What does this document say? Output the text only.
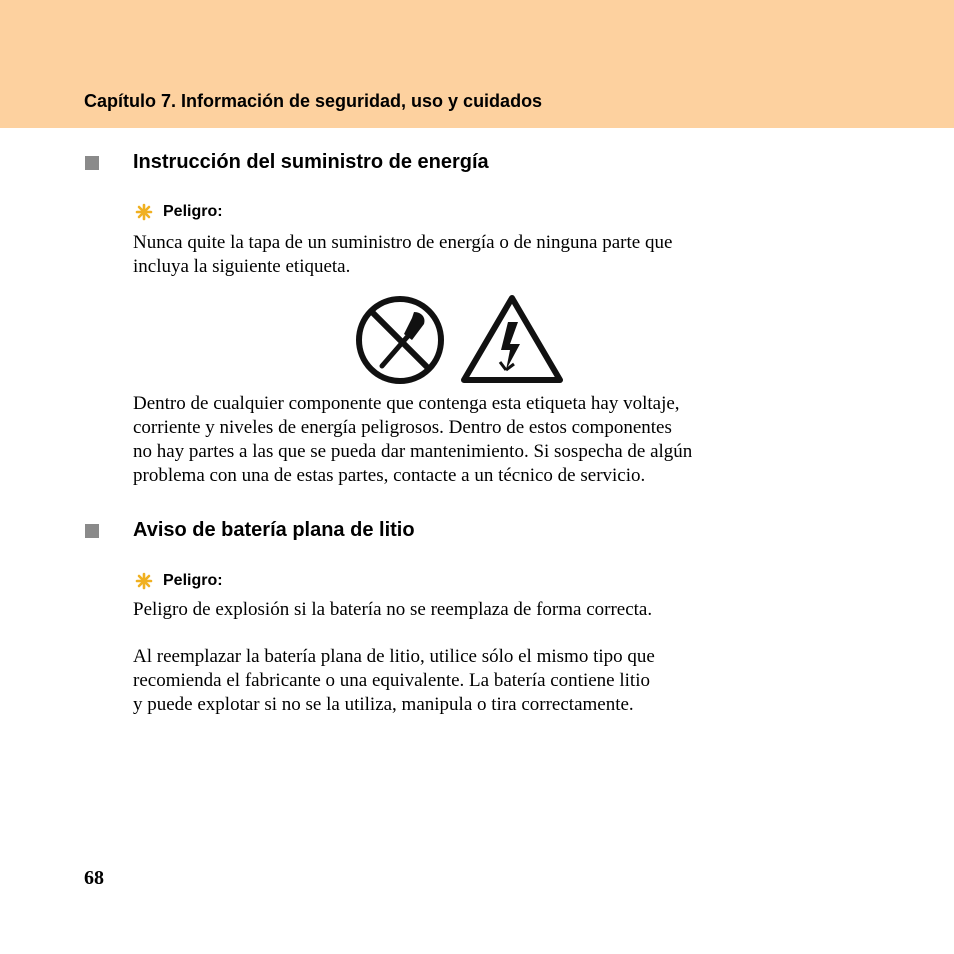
Capítulo 7. Información de seguridad, uso y cuidados
Instrucción del suministro de energía
Peligro:
Nunca quite la tapa de un suministro de energía o de ninguna parte que
incluya la siguiente etiqueta.
Dentro de cualquier componente que contenga esta etiqueta hay voltaje,
corriente y niveles de energía peligrosos. Dentro de estos componentes
no hay partes a las que se pueda dar mantenimiento. Si sospecha de algún
problema con una de estas partes, contacte a un técnico de servicio.
Aviso de batería plana de litio
Peligro:
Peligro de explosión si la batería no se reemplaza de forma correcta.
Al reemplazar la batería plana de litio, utilice sólo el mismo tipo que
recomienda el fabricante o una equivalente. La batería contiene litio
y puede explotar si no se la utiliza, manipula o tira correctamente.
68
